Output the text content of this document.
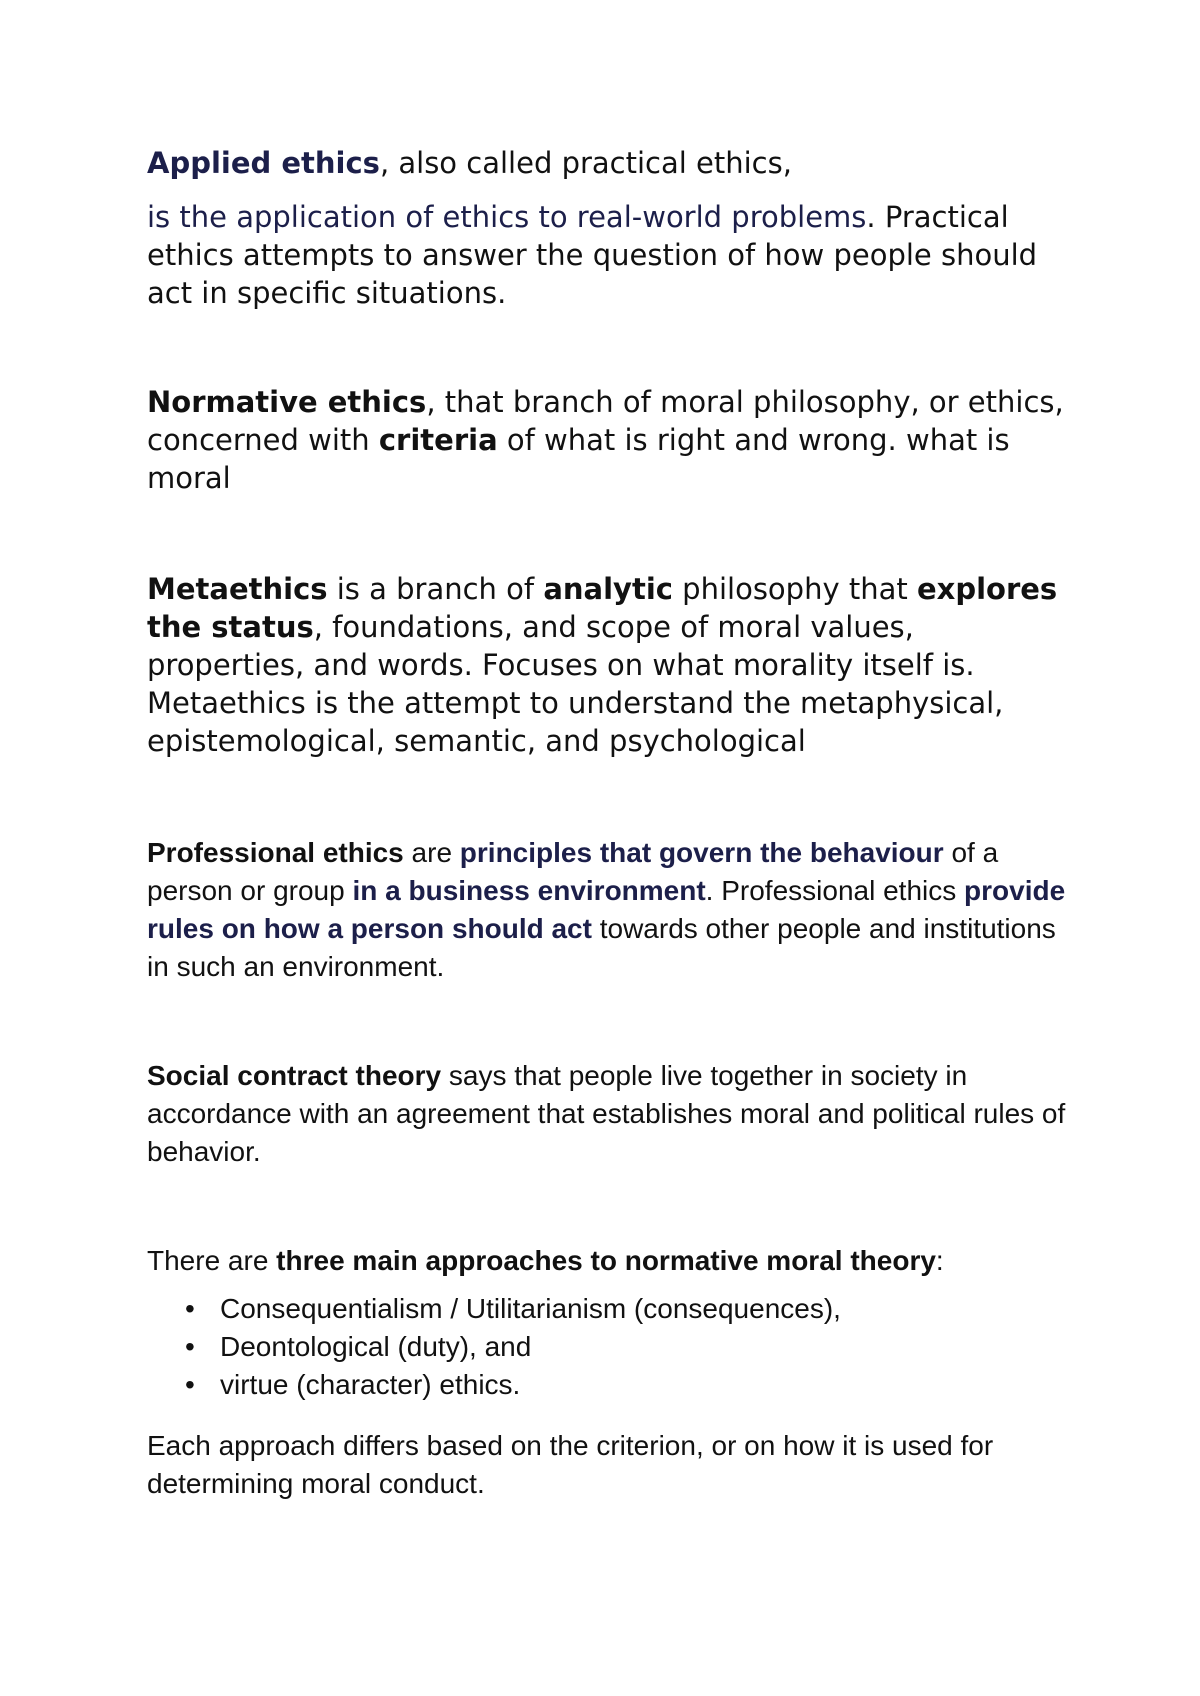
Applied ethics, also called practical ethics,

is the application of ethics to real-world problems. Practical ethics attempts to answer the question of how people should act in specific situations.

Normative ethics, that branch of moral philosophy, or ethics, concerned with criteria of what is right and wrong. what is moral

Metaethics is a branch of analytic philosophy that explores the status, foundations, and scope of moral values, properties, and words. Focuses on what morality itself is. Metaethics is the attempt to understand the metaphysical, epistemological, semantic, and psychological

Professional ethics are principles that govern the behaviour of a person or group in a business environment. Professional ethics provide rules on how a person should act towards other people and institutions in such an environment.

Social contract theory says that people live together in society in accordance with an agreement that establishes moral and political rules of behavior.

There are three main approaches to normative moral theory:

• Consequentialism / Utilitarianism (consequences),
• Deontological (duty), and
• virtue (character) ethics.

Each approach differs based on the criterion, or on how it is used for determining moral conduct.
